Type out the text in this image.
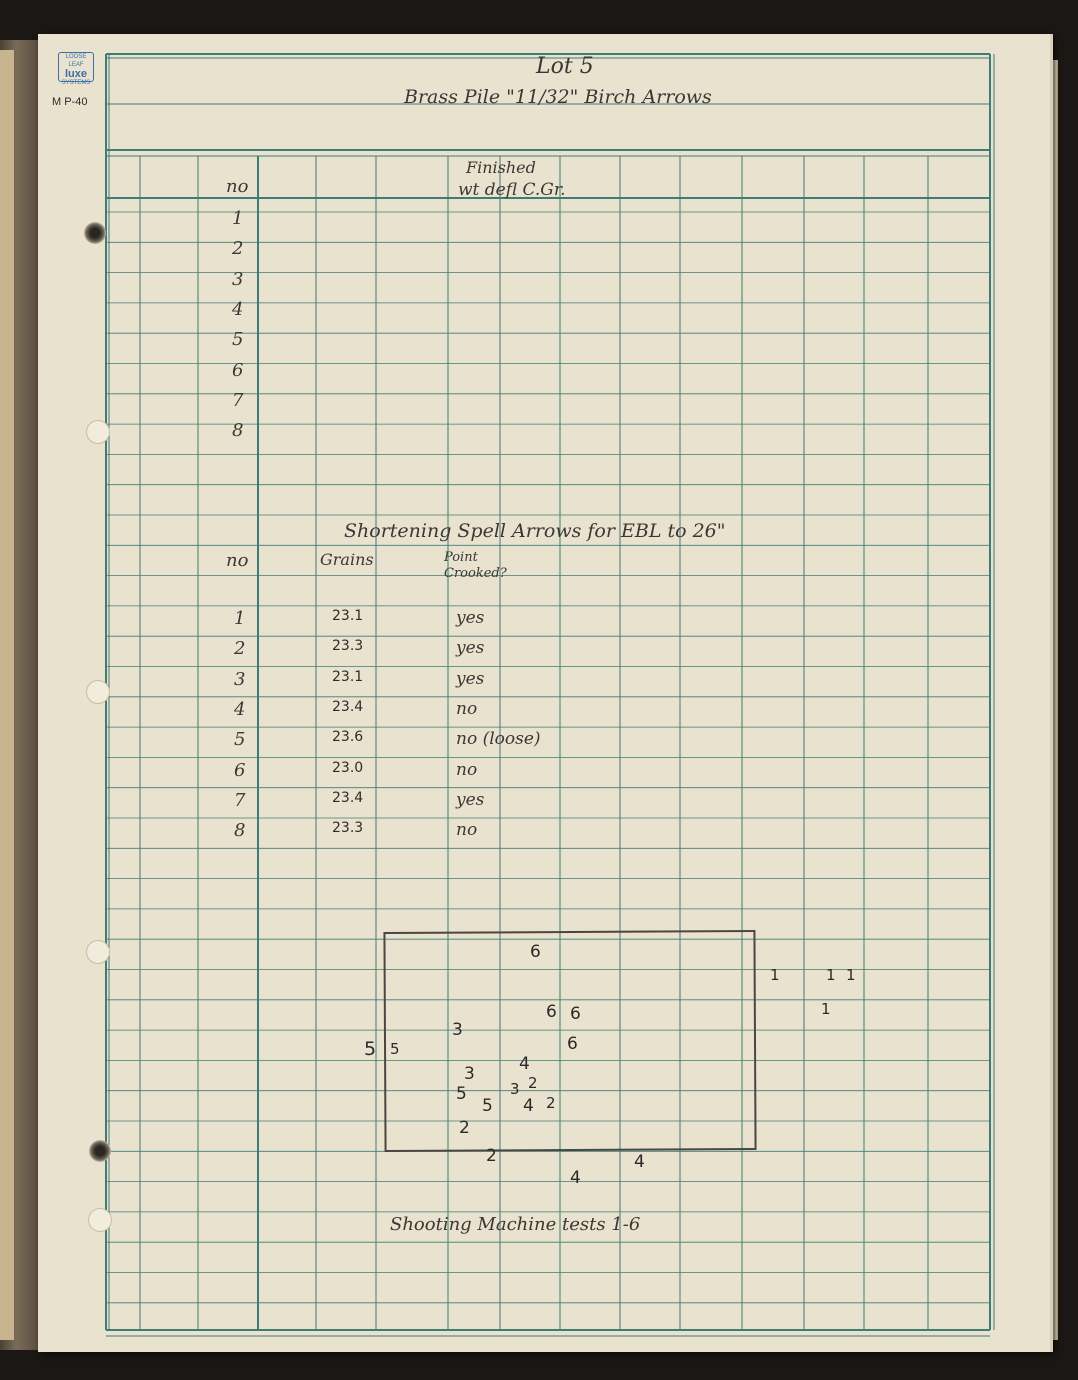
LOOSE LEAF
luxe
SYSTEMS
M P-40
Lot 5
Brass Pile "11/32" Birch Arrows
no
Finished
wt defl C.Gr.
1
2
3
4
5
6
7
8
Shortening Spell Arrows for EBL to 26"
no	Grains	Point
Crooked?
1	23.1	yes
2	23.3	yes
3	23.1	yes
4	23.4	no
5	23.6	no (loose)
6	23.0	no
7	23.4	yes
8	23.3	no
6
6 6
6
3
3
3
4
4
4
4
2
2
2
2
5 5
5
5
1	1 1
1
Shooting Machine tests 1-6
